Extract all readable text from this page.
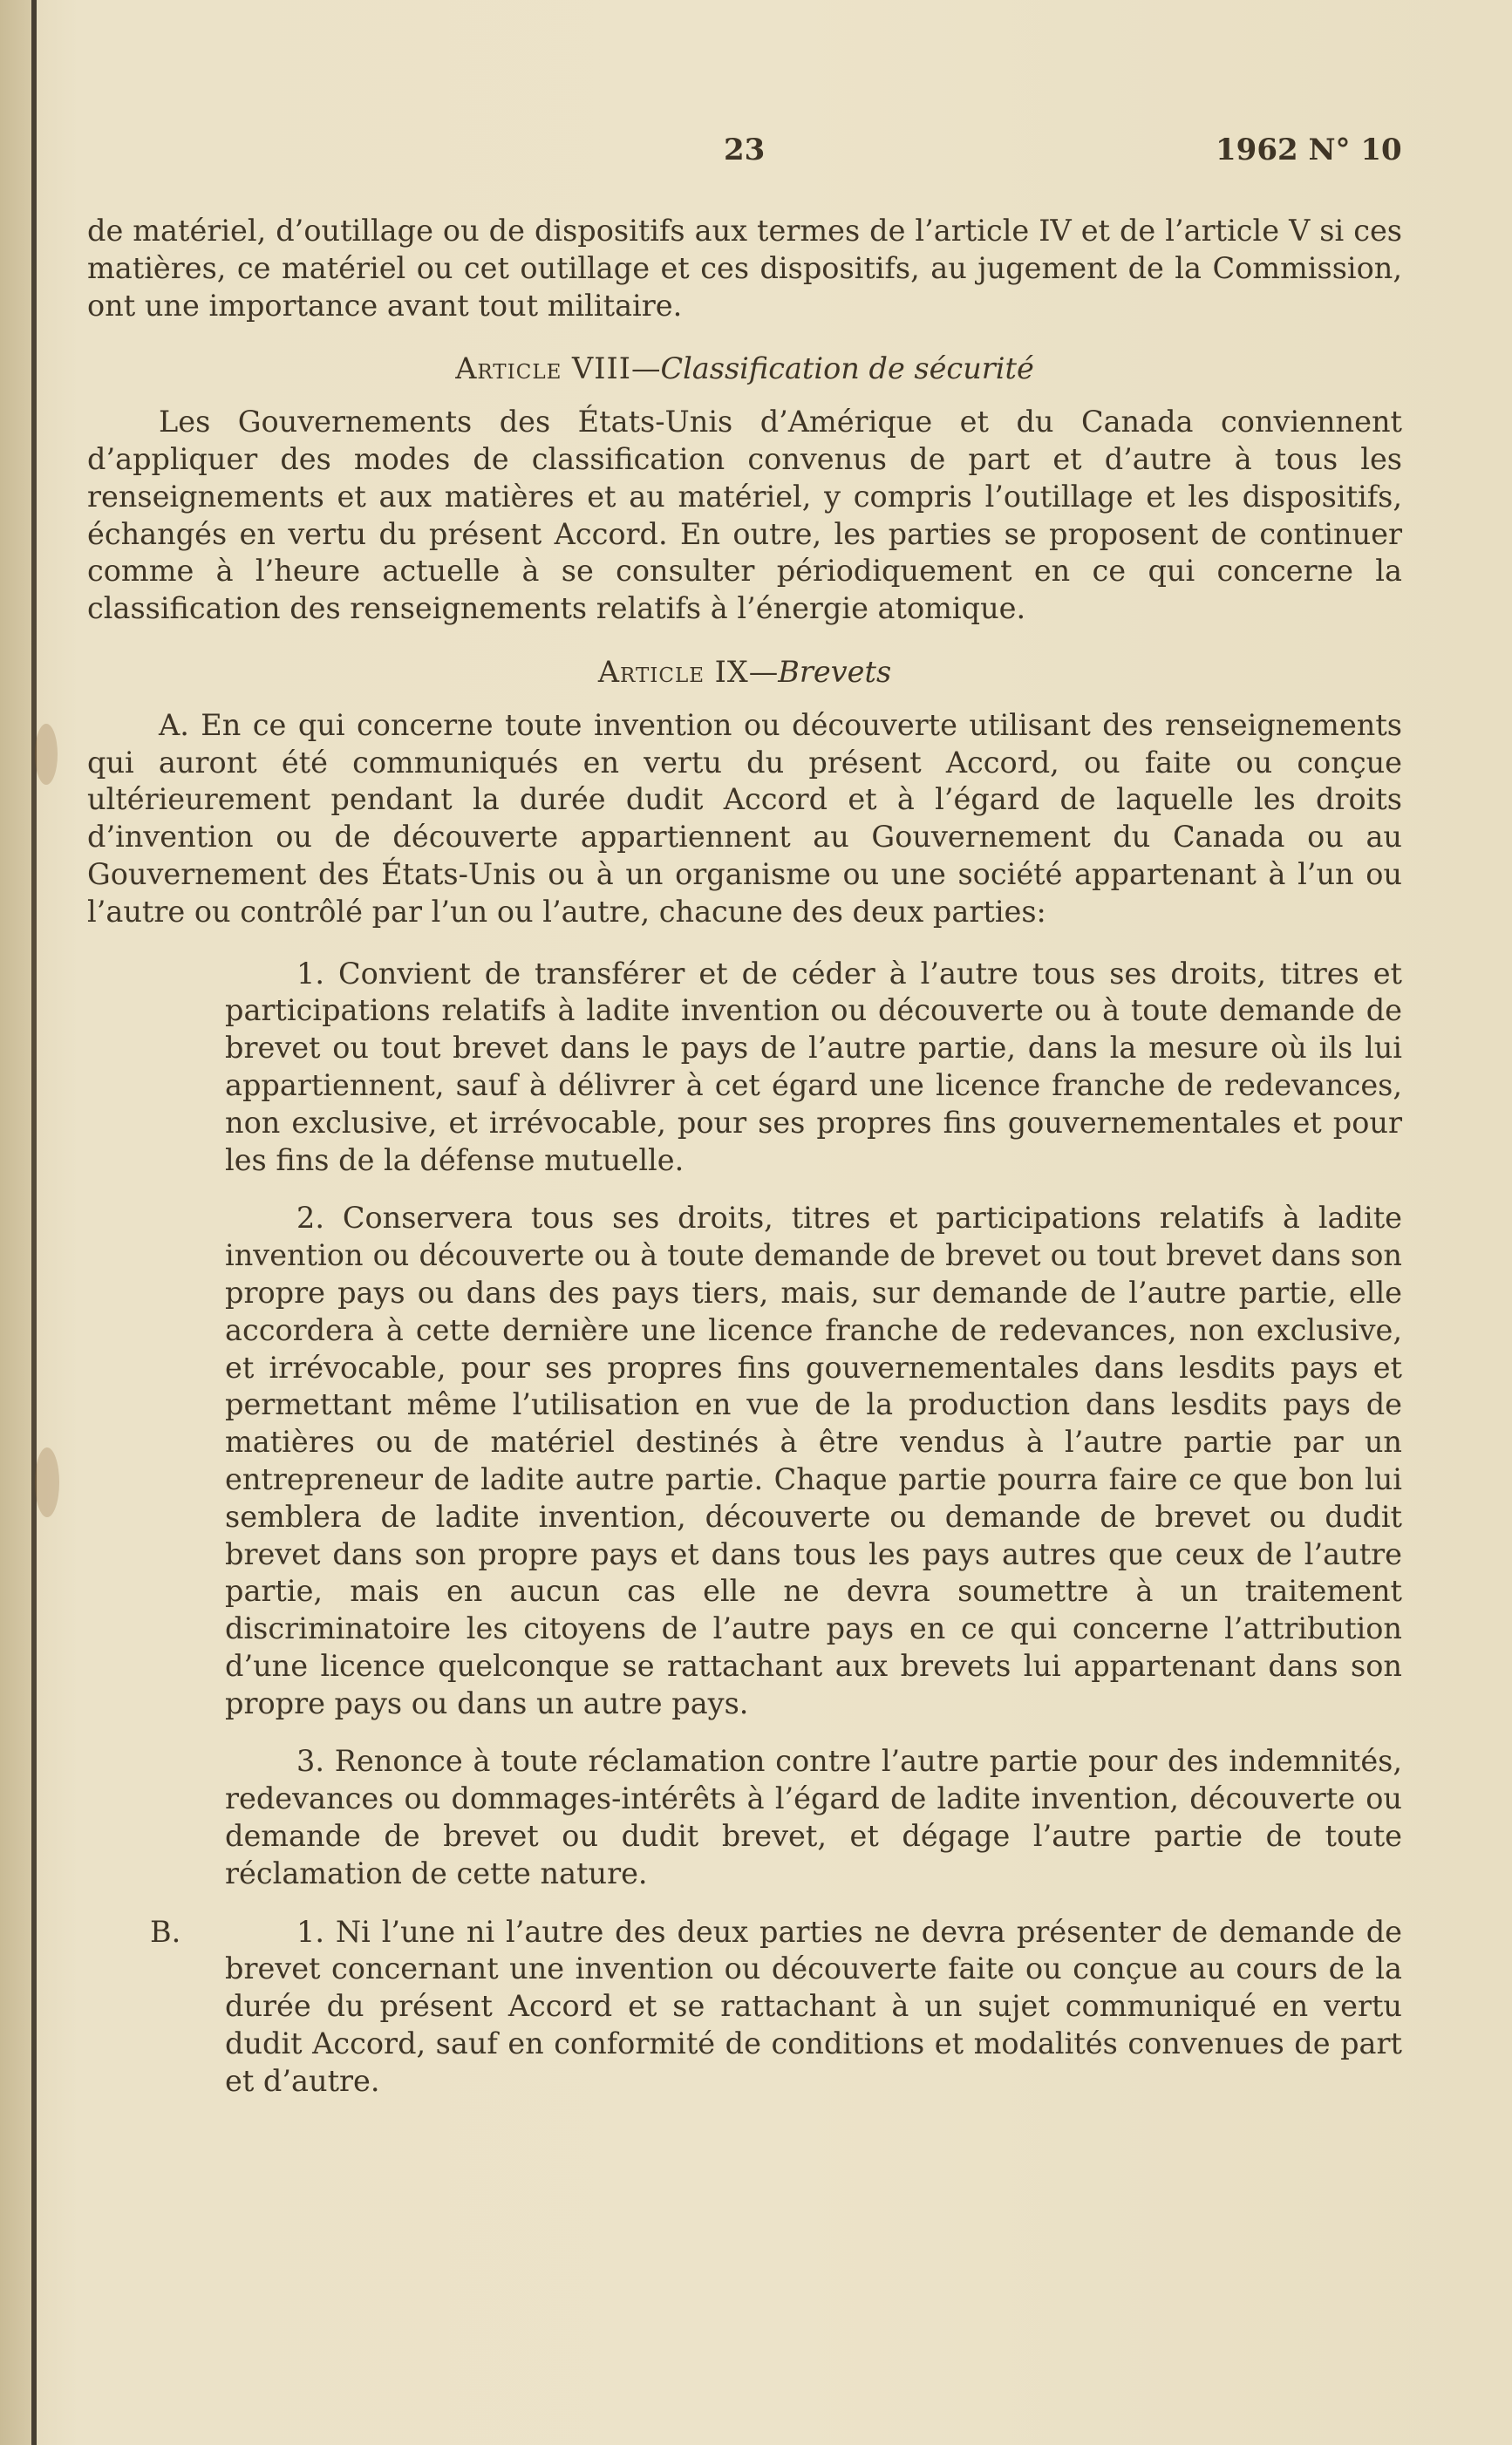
23	1962 N° 10

de matériel, d’outillage ou de dispositifs aux termes de l’article IV et de l’article V si ces matières, ce matériel ou cet outillage et ces dispositifs, au jugement de la Commission, ont une importance avant tout militaire.

Article VIII—Classification de sécurité

Les Gouvernements des États-Unis d’Amérique et du Canada conviennent d’appliquer des modes de classification convenus de part et d’autre à tous les renseignements et aux matières et au matériel, y compris l’outillage et les dispositifs, échangés en vertu du présent Accord. En outre, les parties se proposent de continuer comme à l’heure actuelle à se consulter périodiquement en ce qui concerne la classification des renseignements relatifs à l’énergie atomique.

Article IX—Brevets

A. En ce qui concerne toute invention ou découverte utilisant des renseignements qui auront été communiqués en vertu du présent Accord, ou faite ou conçue ultérieurement pendant la durée dudit Accord et à l’égard de laquelle les droits d’invention ou de découverte appartiennent au Gouvernement du Canada ou au Gouvernement des États-Unis ou à un organisme ou une société appartenant à l’un ou l’autre ou contrôlé par l’un ou l’autre, chacune des deux parties:

1. Convient de transférer et de céder à l’autre tous ses droits, titres et participations relatifs à ladite invention ou découverte ou à toute demande de brevet ou tout brevet dans le pays de l’autre partie, dans la mesure où ils lui appartiennent, sauf à délivrer à cet égard une licence franche de redevances, non exclusive, et irrévocable, pour ses propres fins gouvernementales et pour les fins de la défense mutuelle.

2. Conservera tous ses droits, titres et participations relatifs à ladite invention ou découverte ou à toute demande de brevet ou tout brevet dans son propre pays ou dans des pays tiers, mais, sur demande de l’autre partie, elle accordera à cette dernière une licence franche de redevances, non exclusive, et irrévocable, pour ses propres fins gouvernementales dans lesdits pays et permettant même l’utilisation en vue de la production dans lesdits pays de matières ou de matériel destinés à être vendus à l’autre partie par un entrepreneur de ladite autre partie. Chaque partie pourra faire ce que bon lui semblera de ladite invention, découverte ou demande de brevet ou dudit brevet dans son propre pays et dans tous les pays autres que ceux de l’autre partie, mais en aucun cas elle ne devra soumettre à un traitement discriminatoire les citoyens de l’autre pays en ce qui concerne l’attribution d’une licence quelconque se rattachant aux brevets lui appartenant dans son propre pays ou dans un autre pays.

3. Renonce à toute réclamation contre l’autre partie pour des indemnités, redevances ou dommages-intérêts à l’égard de ladite invention, découverte ou demande de brevet ou dudit brevet, et dégage l’autre partie de toute réclamation de cette nature.

B.	1. Ni l’une ni l’autre des deux parties ne devra présenter de demande de brevet concernant une invention ou découverte faite ou conçue au cours de la durée du présent Accord et se rattachant à un sujet communiqué en vertu dudit Accord, sauf en conformité de conditions et modalités convenues de part et d’autre.
